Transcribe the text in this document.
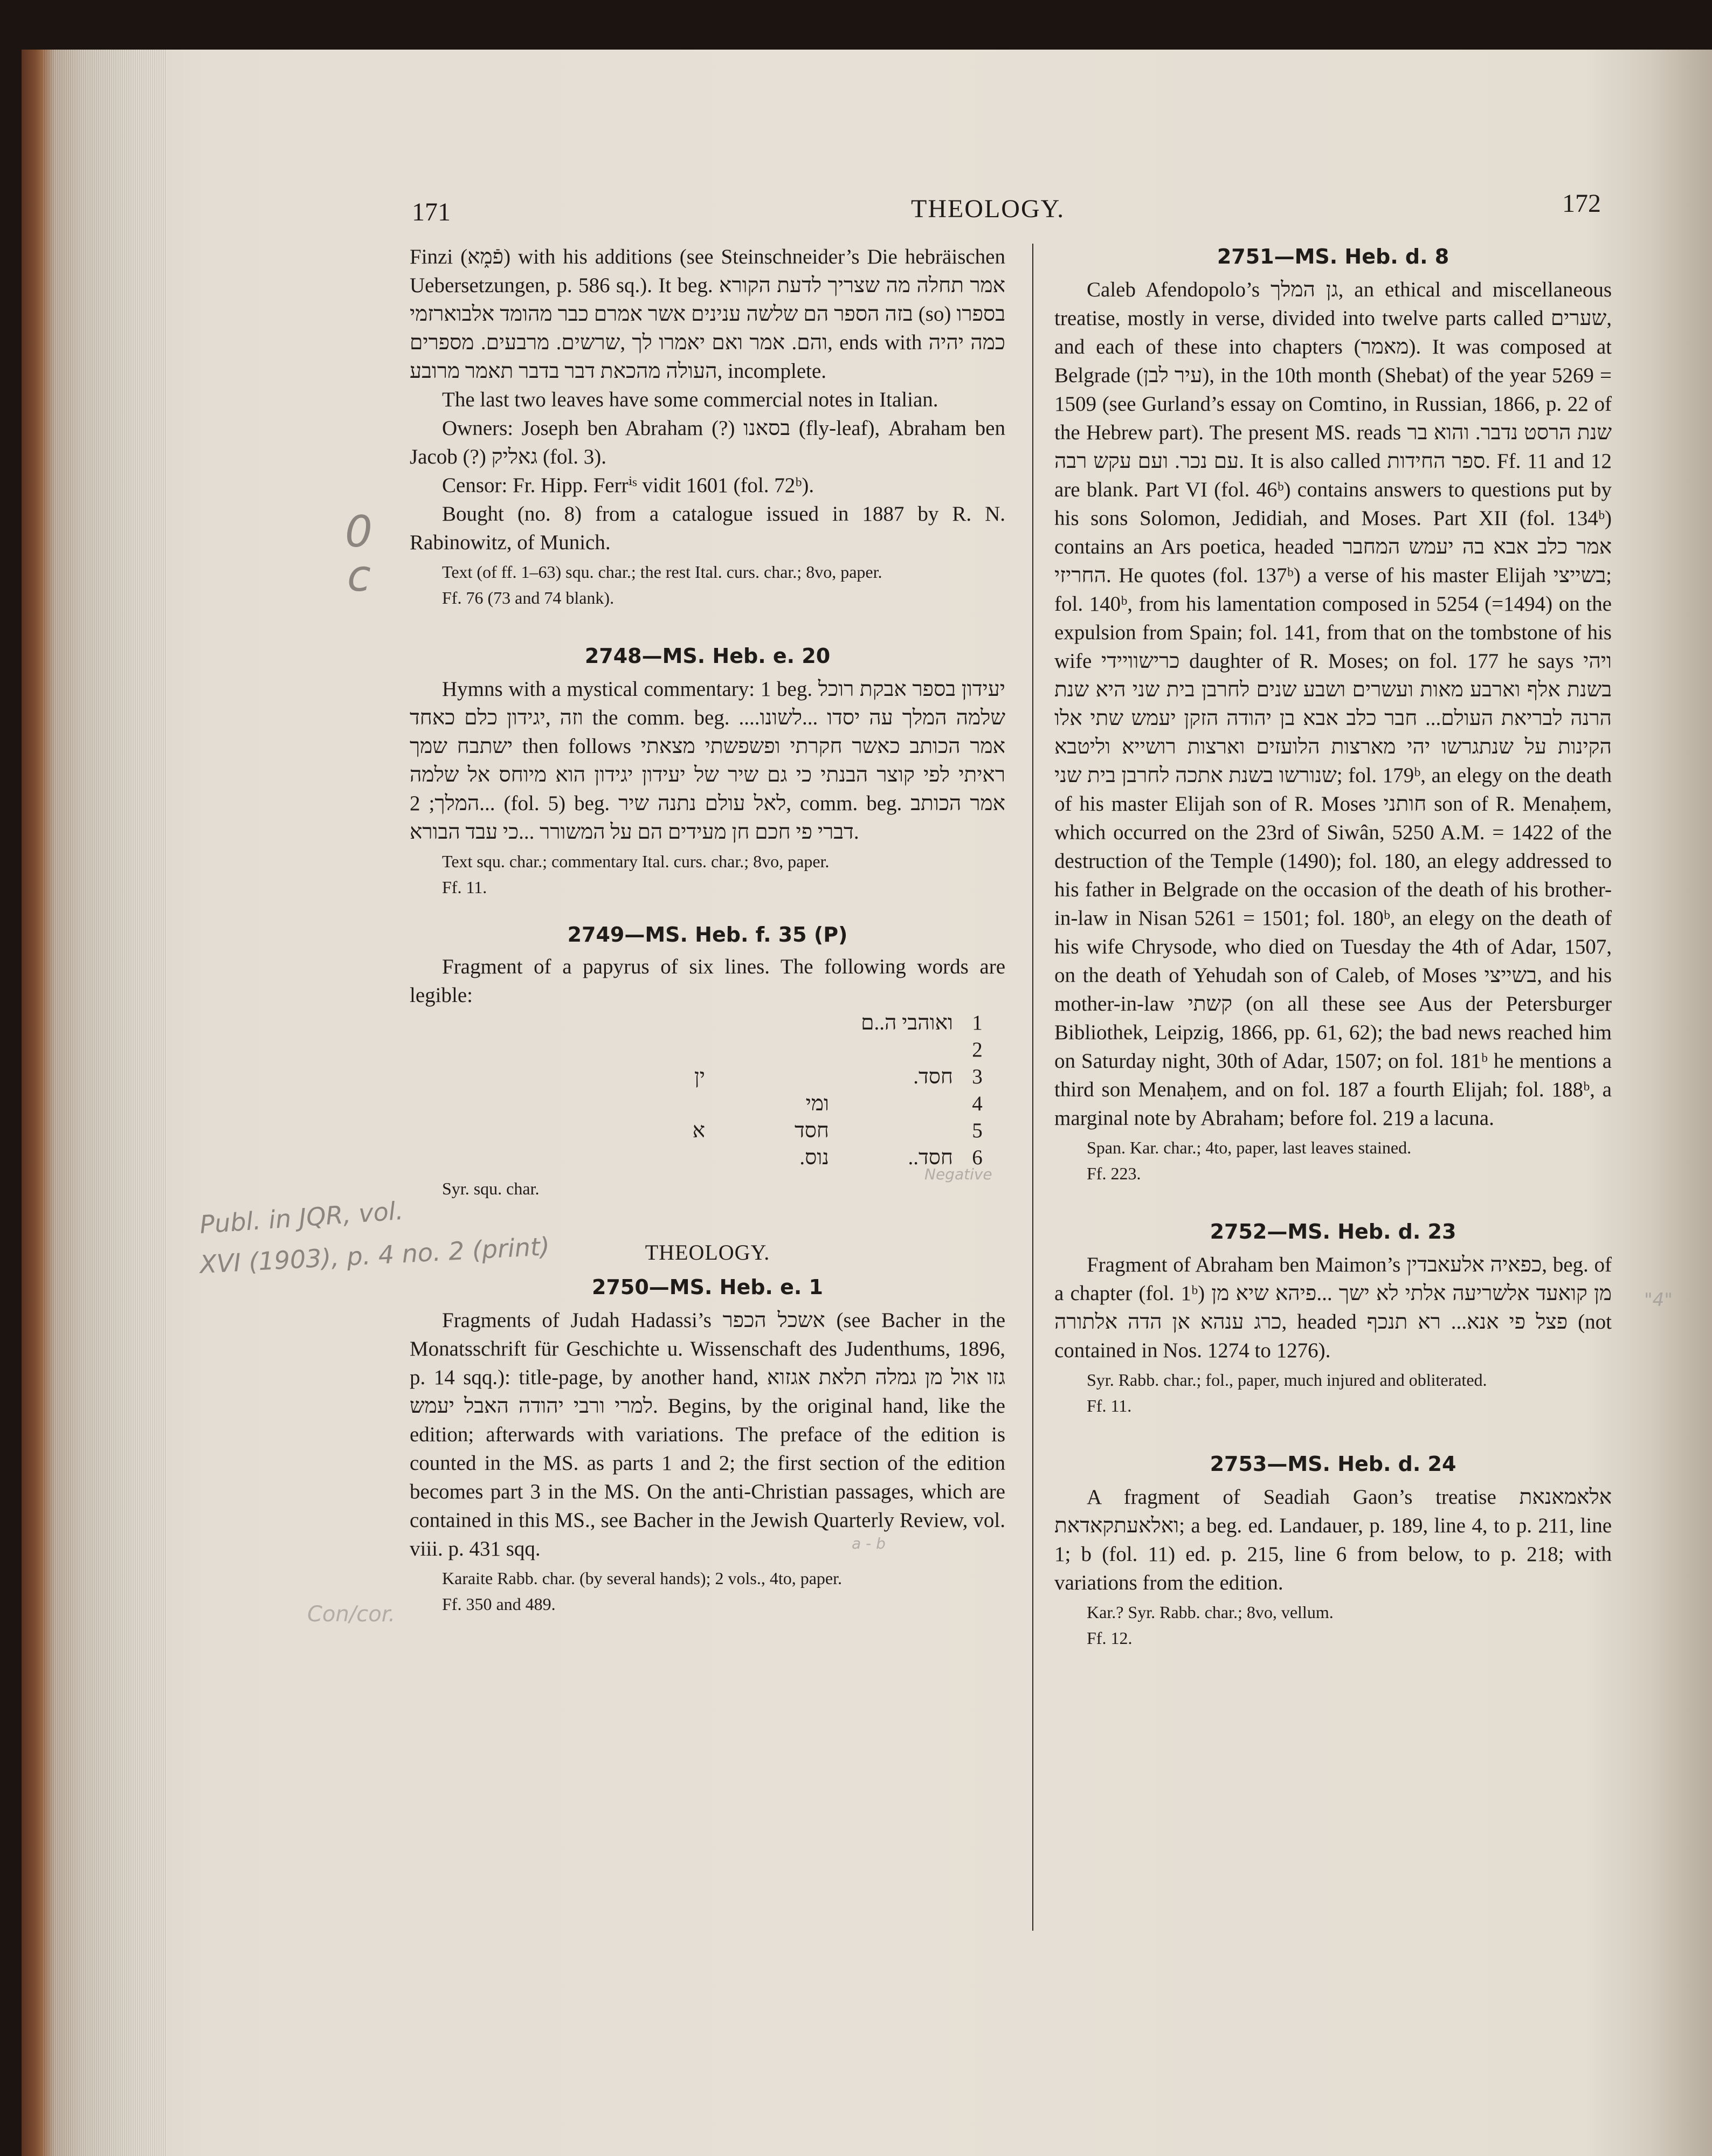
0
c
Publ. in JQR, vol.
XVI (1903), p. 4 no. 2 (print)
Con/cor.
Negative
a - b
"4"
171	THEOLOGY.	172

Finzi (פֿמ֑א) with his additions (see Steinschneider’s Die hebräischen Uebersetzungen, p. 586 sq.). It beg. אמר תחלה מה שצריך לדעת הקורא בזה הספר הם שלשה ענינים אשר אמרם כבר מהומד אלבוארזמי (so) בספרו והם. אמר ואם יאמרו לך ,שרשים. מרבעים. מספרים, ends with כמה יהיה העולה מהכאת דבר בדבר תאמר מרובע, incomplete.

The last two leaves have some commercial notes in Italian.

Owners: Joseph ben Abraham (?) בסאנו (fly-leaf), Abraham ben Jacob (?) גאליק (fol. 3).

Censor: Fr. Hipp. Ferrⁱˢ vidit 1601 (fol. 72ᵇ).

Bought (no. 8) from a catalogue issued in 1887 by R. N. Rabinowitz, of Munich.

Text (of ff. 1–63) squ. char.; the rest Ital. curs. char.; 8vo, paper.

Ff. 76 (73 and 74 blank).

2748—MS. Heb. e. 20

Hymns with a mystical commentary: 1 beg. יעידון בספר אבקת רוכל וזה ,יגידון כלם כאחד the comm. beg. ...שלמה המלך עה יסדו ...לשונו. ישתבח שמך then follows אמר הכותב כאשר חקרתי ופשפשתי מצאתי ראיתי לפי קוצר הבנתי כי גם שיר של יעידון יגידון הוא מיוחס אל שלמה ...המלך; 2 (fol. 5) beg. לאל עולם נתנה שיר, comm. beg. אמר הכותב דברי פי חכם חן מעידים הם על המשורר ...כי עבד הבורא.

Text squ. char.; commentary Ital. curs. char.; 8vo, paper.

Ff. 11.

2749—MS. Heb. f. 35 (P)

Fragment of a papyrus of six lines. The following words are legible:

1	ואוהבי ה..ם		
2			
3	חסד.		ין
4		ומי	
5		חסד	א
6	חסד..	נוס.	

Syr. squ. char.

THEOLOGY.

2750—MS. Heb. e. 1

Fragments of Judah Hadassi’s אשכל הכפר (see Bacher in the Monatsschrift für Geschichte u. Wissenschaft des Judenthums, 1896, p. 14 sqq.): title-page, by another hand, גזו אול מן גמלה תלאת אגזוא למרי ורבי יהודה האבל יעמש. Begins, by the original hand, like the edition; afterwards with variations. The preface of the edition is counted in the MS. as parts 1 and 2; the first section of the edition becomes part 3 in the MS. On the anti-Christian passages, which are contained in this MS., see Bacher in the Jewish Quarterly Review, vol. viii. p. 431 sqq.

Karaite Rabb. char. (by several hands); 2 vols., 4to, paper.

Ff. 350 and 489.

2751—MS. Heb. d. 8

Caleb Afendopolo’s גן המלך, an ethical and miscellaneous treatise, mostly in verse, divided into twelve parts called שערים, and each of these into chapters (מאמר). It was composed at Belgrade (עיר לבן), in the 10th month (Shebat) of the year 5269 = 1509 (see Gurland’s essay on Comtino, in Russian, 1866, p. 22 of the Hebrew part). The present MS. reads שנת הרסט נדבר. והוא בר עם נכר. ועם עקש רבה. It is also called ספר החידות. Ff. 11 and 12 are blank. Part VI (fol. 46ᵇ) contains answers to questions put by his sons Solomon, Jedidiah, and Moses. Part XII (fol. 134ᵇ) contains an Ars poetica, headed אמר כלב אבא בה יעמש המחבר החריזי. He quotes (fol. 137ᵇ) a verse of his master Elijah בשייצי; fol. 140ᵇ, from his lamentation composed in 5254 (=1494) on the expulsion from Spain; fol. 141, from that on the tombstone of his wife כרישוויידי daughter of R. Moses; on fol. 177 he says ויהי בשנת אלף וארבע מאות ועשרים ושבע שנים לחרבן בית שני היא שנת הרנה לבריאת העולם... חבר כלב אבא בן יהודה הזקן יעמש שתי אלו הקינות על שנתגרשו יהי מארצות הלועזים וארצות רושייא וליטבא שנורשו בשנת אתכה לחרבן בית שני; fol. 179ᵇ, an elegy on the death of his master Elijah son of R. Moses חותני son of R. Menaḥem, which occurred on the 23rd of Siwân, 5250 A.M. = 1422 of the destruction of the Temple (1490); fol. 180, an elegy addressed to his father in Belgrade on the occasion of the death of his brother-in-law in Nisan 5261 = 1501; fol. 180ᵇ, an elegy on the death of his wife Chrysode, who died on Tuesday the 4th of Adar, 1507, on the death of Yehudah son of Caleb, of Moses בשייצי, and his mother-in-law קשתי (on all these see Aus der Petersburger Bibliothek, Leipzig, 1866, pp. 61, 62); the bad news reached him on Saturday night, 30th of Adar, 1507; on fol. 181ᵇ he mentions a third son Menaḥem, and on fol. 187 a fourth Elijah; fol. 188ᵇ, a marginal note by Abraham; before fol. 219 a lacuna.

Span. Kar. char.; 4to, paper, last leaves stained.

Ff. 223.

2752—MS. Heb. d. 23

Fragment of Abraham ben Maimon’s כפאיה אלעאבדין, beg. of a chapter (fol. 1ᵇ) מן קואעד אלשריעה אלתי לא ישך ...פיהא שיא מן כרג ענהא אן הדה אלתורה, headed פצל פי אנא... רא תנכף (not contained in Nos. 1274 to 1276).

Syr. Rabb. char.; fol., paper, much injured and obliterated.

Ff. 11.

2753—MS. Heb. d. 24

A fragment of Seadiah Gaon’s treatise אלאמאנאת ואלאעתקאדאת; a beg. ed. Landauer, p. 189, line 4, to p. 211, line 1; b (fol. 11) ed. p. 215, line 6 from below, to p. 218; with variations from the edition.

Kar.? Syr. Rabb. char.; 8vo, vellum.

Ff. 12.
